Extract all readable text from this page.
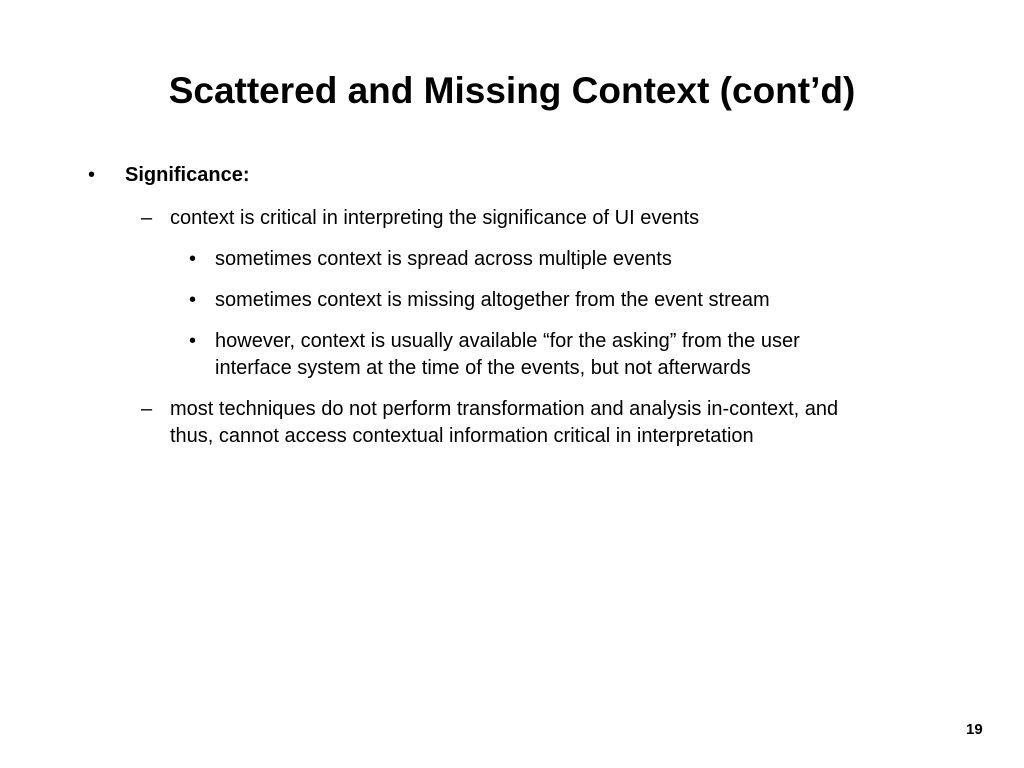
Scattered and Missing Context (cont’d)
• Significance:
– context is critical in interpreting the significance of UI events
• sometimes context is spread across multiple events
• sometimes context is missing altogether from the event stream
• however, context is usually available “for the asking” from the user
interface system at the time of the events, but not afterwards
– most techniques do not perform transformation and analysis in-context, and
thus, cannot access contextual information critical in interpretation
19
